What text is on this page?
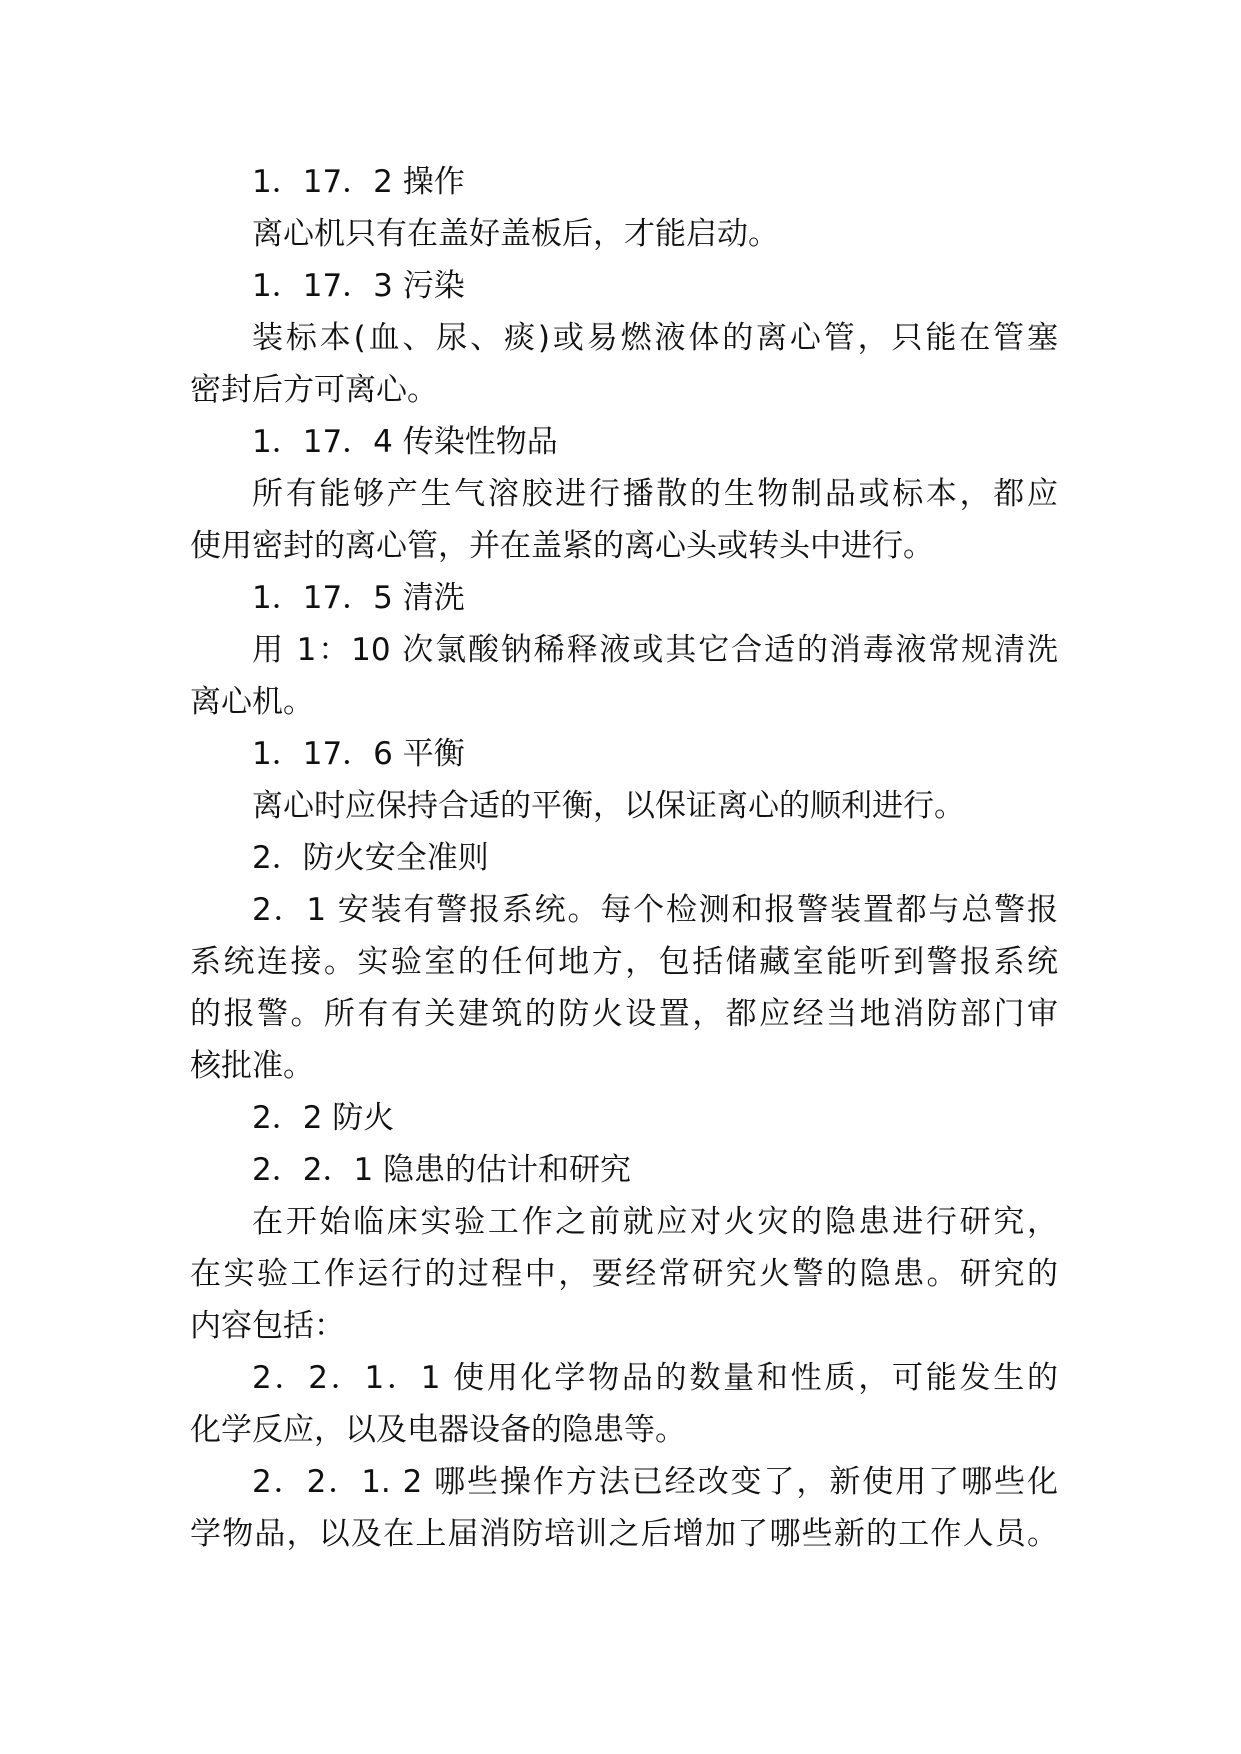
1．17．2 操作

离心机只有在盖好盖板后，才能启动。

1．17．3 污染

装标本(血、尿、痰)或易燃液体的离心管，只能在管塞

密封后方可离心。

1．17．4 传染性物品

所有能够产生气溶胶进行播散的生物制品或标本，都应

使用密封的离心管，并在盖紧的离心头或转头中进行。

1．17．5 清洗

用 1：10 次氯酸钠稀释液或其它合适的消毒液常规清洗

离心机。

1．17．6 平衡

离心时应保持合适的平衡，以保证离心的顺利进行。

2．防火安全准则

2．1 安装有警报系统。每个检测和报警装置都与总警报

系统连接。实验室的任何地方，包括储藏室能听到警报系统

的报警。所有有关建筑的防火设置，都应经当地消防部门审

核批准。

2．2 防火

2．2．1 隐患的估计和研究

在开始临床实验工作之前就应对火灾的隐患进行研究，

在实验工作运行的过程中，要经常研究火警的隐患。研究的

内容包括：

2．2．1．1 使用化学物品的数量和性质，可能发生的

化学反应，以及电器设备的隐患等。

2．2．1. 2 哪些操作方法已经改变了，新使用了哪些化

学物品，以及在上届消防培训之后增加了哪些新的工作人员。
